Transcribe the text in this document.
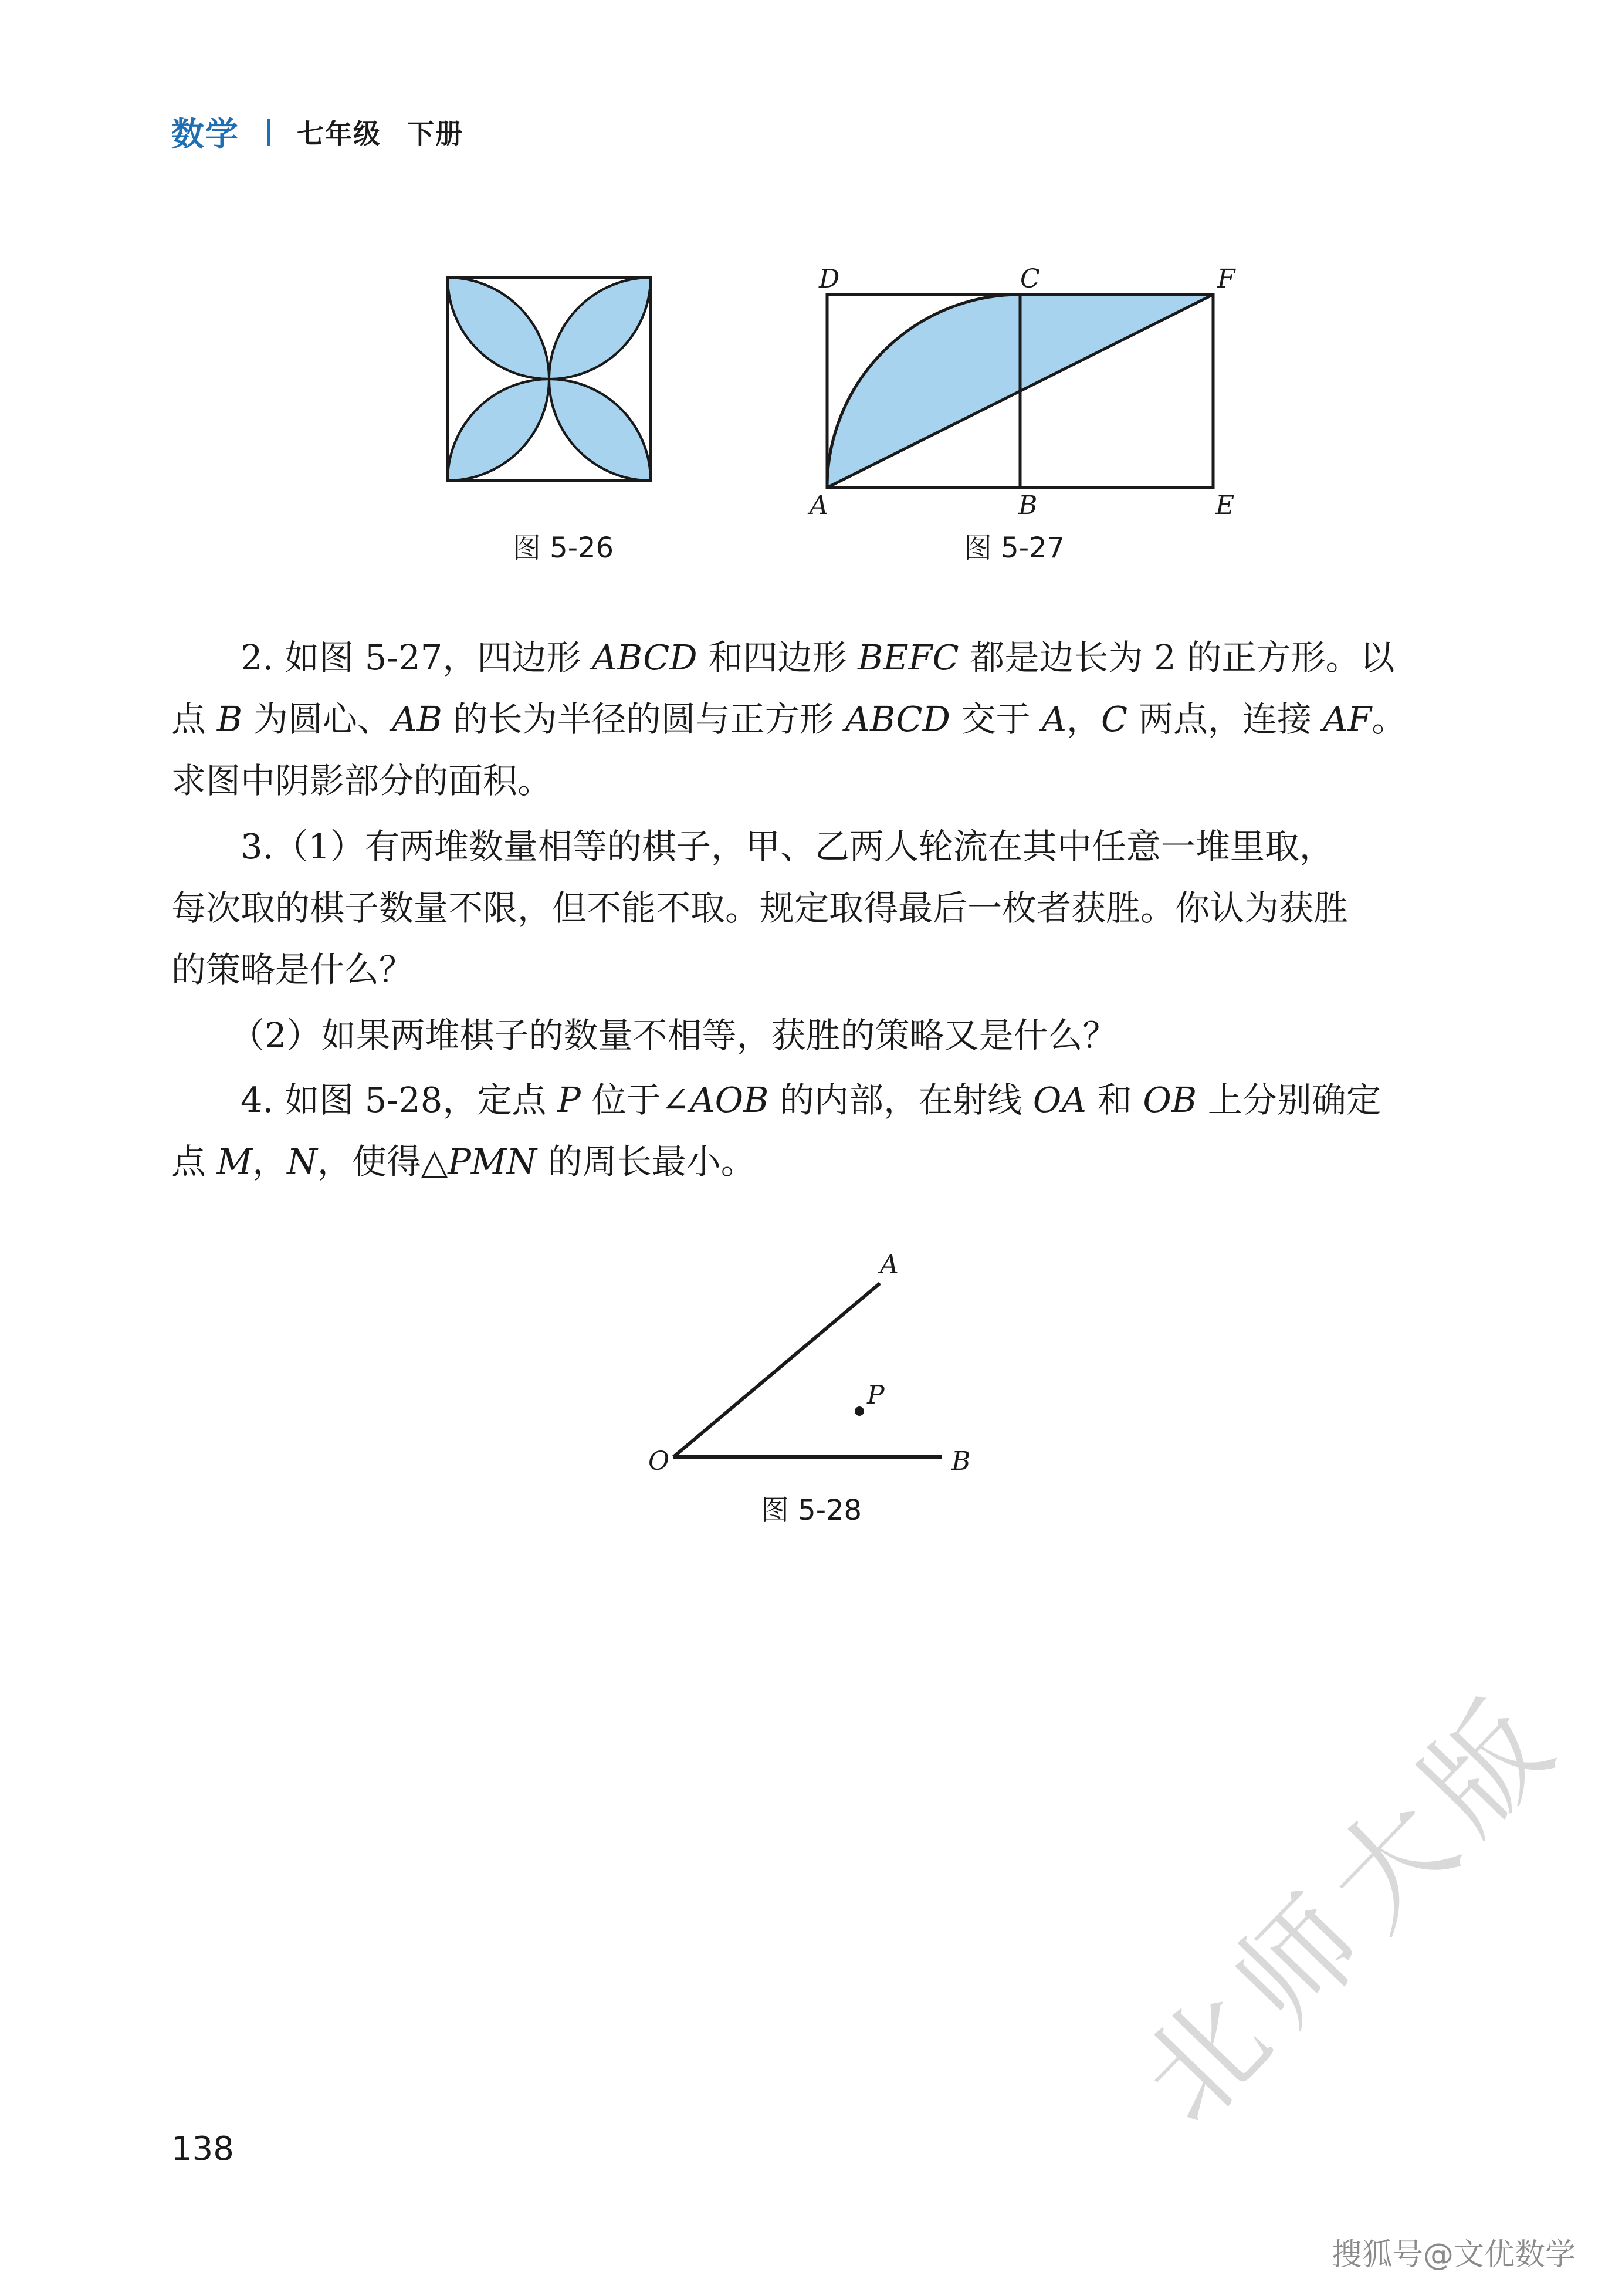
数学 七年级 下册
图 5-26
D	C	F
A	B	E
图 5-27
A
P
O	B
图 5-28

2. 如图 5-27，四边形 ABCD 和四边形 BEFC 都是边长为 2 的正方形。以

点 B 为圆心、AB 的长为半径的圆与正方形 ABCD 交于 A，C 两点，连接 AF。

求图中阴影部分的面积。

3.（1）有两堆数量相等的棋子，甲、乙两人轮流在其中任意一堆里取，

每次取的棋子数量不限，但不能不取。规定取得最后一枚者获胜。你认为获胜

的策略是什么？

（2）如果两堆棋子的数量不相等，获胜的策略又是什么？

4. 如图 5-28，定点 P 位于∠AOB 的内部，在射线 OA 和 OB 上分别确定

点 M，N，使得△PMN 的周长最小。

北师大版
138
搜狐号@文优数学
